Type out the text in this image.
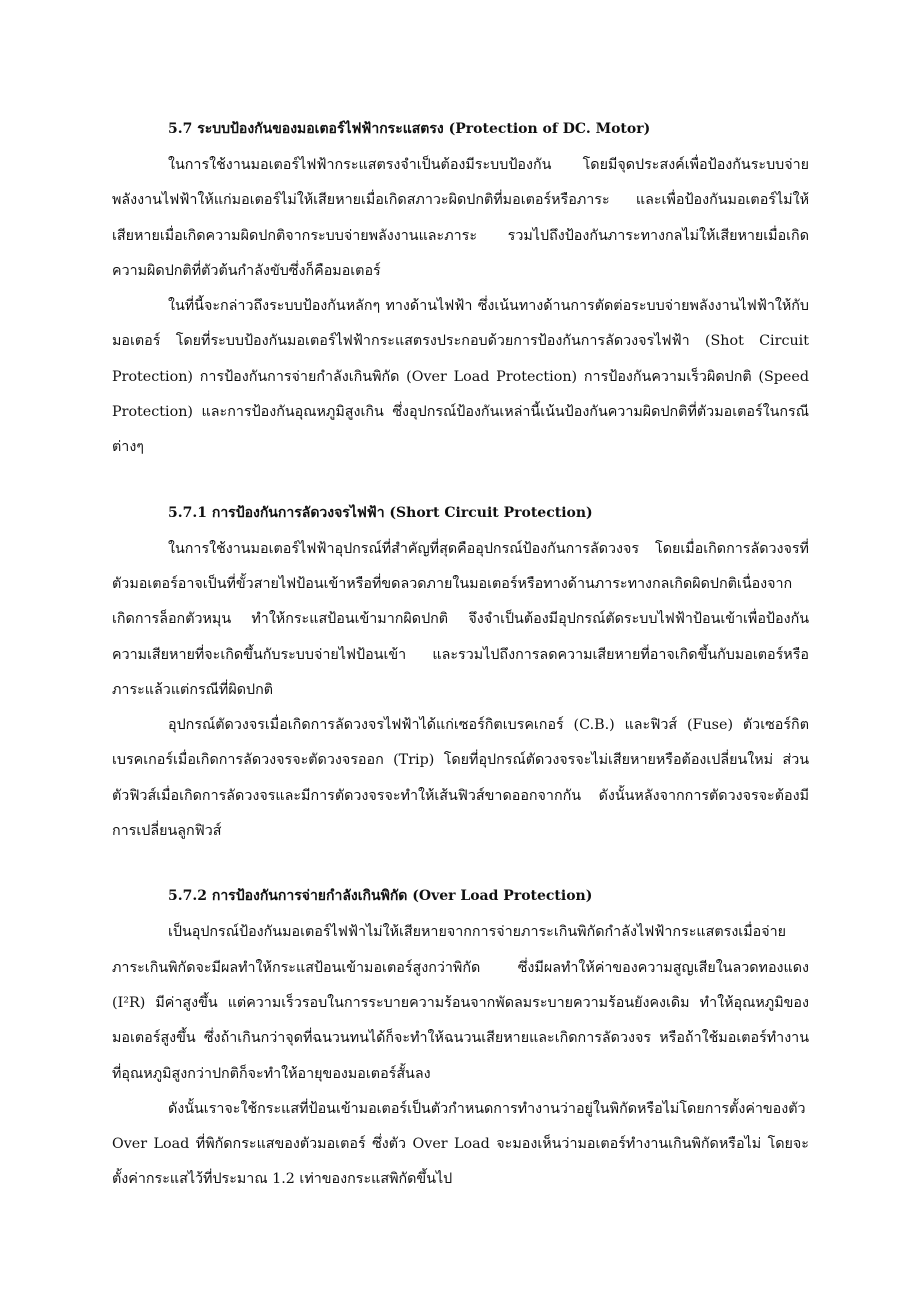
5.7 ระบบป้องกันของมอเตอร์ไฟฟ้ากระแสตรง (Protection of DC. Motor)

ในการใช้งานมอเตอร์ไฟฟ้ากระแสตรงจำเป็นต้องมีระบบป้องกัน โดยมีจุดประสงค์เพื่อป้องกันระบบจ่ายพลังงานไฟฟ้าให้แก่มอเตอร์ไม่ให้เสียหายเมื่อเกิดสภาวะผิดปกติที่มอเตอร์หรือภาระ และเพื่อป้องกันมอเตอร์ไม่ให้เสียหายเมื่อเกิดความผิดปกติจากระบบจ่ายพลังงานและภาระ รวมไปถึงป้องกันภาระทางกลไม่ให้เสียหายเมื่อเกิดความผิดปกติที่ตัวต้นกำลังขับซึ่งก็คือมอเตอร์

ในที่นี้จะกล่าวถึงระบบป้องกันหลักๆ ทางด้านไฟฟ้า ซึ่งเน้นทางด้านการตัดต่อระบบจ่ายพลังงานไฟฟ้าให้กับมอเตอร์ โดยที่ระบบป้องกันมอเตอร์ไฟฟ้ากระแสตรงประกอบด้วยการป้องกันการลัดวงจรไฟฟ้า (Shot Circuit Protection) การป้องกันการจ่ายกำลังเกินพิกัด (Over Load Protection) การป้องกันความเร็วผิดปกติ (Speed Protection) และการป้องกันอุณหภูมิสูงเกิน ซึ่งอุปกรณ์ป้องกันเหล่านี้เน้นป้องกันความผิดปกติที่ตัวมอเตอร์ในกรณีต่างๆ

5.7.1 การป้องกันการลัดวงจรไฟฟ้า (Short Circuit Protection)

ในการใช้งานมอเตอร์ไฟฟ้าอุปกรณ์ที่สำคัญที่สุดคืออุปกรณ์ป้องกันการลัดวงจร โดยเมื่อเกิดการลัดวงจรที่ตัวมอเตอร์อาจเป็นที่ขั้วสายไฟป้อนเข้าหรือที่ขดลวดภายในมอเตอร์หรือทางด้านภาระทางกลเกิดผิดปกติเนื่องจากเกิดการล็อกตัวหมุน ทำให้กระแสป้อนเข้ามากผิดปกติ จึงจำเป็นต้องมีอุปกรณ์ตัดระบบไฟฟ้าป้อนเข้าเพื่อป้องกันความเสียหายที่จะเกิดขึ้นกับระบบจ่ายไฟป้อนเข้า และรวมไปถึงการลดความเสียหายที่อาจเกิดขึ้นกับมอเตอร์หรือภาระแล้วแต่กรณีที่ผิดปกติ

อุปกรณ์ตัดวงจรเมื่อเกิดการลัดวงจรไฟฟ้าได้แก่เซอร์กิตเบรคเกอร์ (C.B.) และฟิวส์ (Fuse) ตัวเซอร์กิตเบรคเกอร์เมื่อเกิดการลัดวงจรจะตัดวงจรออก (Trip) โดยที่อุปกรณ์ตัดวงจรจะไม่เสียหายหรือต้องเปลี่ยนใหม่ ส่วนตัวฟิวส์เมื่อเกิดการลัดวงจรและมีการตัดวงจรจะทำให้เส้นฟิวส์ขาดออกจากกัน ดังนั้นหลังจากการตัดวงจรจะต้องมีการเปลี่ยนลูกฟิวส์

5.7.2 การป้องกันการจ่ายกำลังเกินพิกัด (Over Load Protection)

เป็นอุปกรณ์ป้องกันมอเตอร์ไฟฟ้าไม่ให้เสียหายจากการจ่ายภาระเกินพิกัดกำลังไฟฟ้ากระแสตรงเมื่อจ่ายภาระเกินพิกัดจะมีผลทำให้กระแสป้อนเข้ามอเตอร์สูงกว่าพิกัด ซึ่งมีผลทำให้ค่าของความสูญเสียในลวดทองแดง (I²R) มีค่าสูงขึ้น แต่ความเร็วรอบในการระบายความร้อนจากพัดลมระบายความร้อนยังคงเดิม ทำให้อุณหภูมิของมอเตอร์สูงขึ้น ซึ่งถ้าเกินกว่าจุดที่ฉนวนทนได้ก็จะทำให้ฉนวนเสียหายและเกิดการลัดวงจร หรือถ้าใช้มอเตอร์ทำงานที่อุณหภูมิสูงกว่าปกติก็จะทำให้อายุของมอเตอร์สั้นลง

ดังนั้นเราจะใช้กระแสที่ป้อนเข้ามอเตอร์เป็นตัวกำหนดการทำงานว่าอยู่ในพิกัดหรือไม่โดยการตั้งค่าของตัว Over Load ที่พิกัดกระแสของตัวมอเตอร์ ซึ่งตัว Over Load จะมองเห็นว่ามอเตอร์ทำงานเกินพิกัดหรือไม่ โดยจะตั้งค่ากระแสไว้ที่ประมาณ 1.2 เท่าของกระแสพิกัดขึ้นไป
